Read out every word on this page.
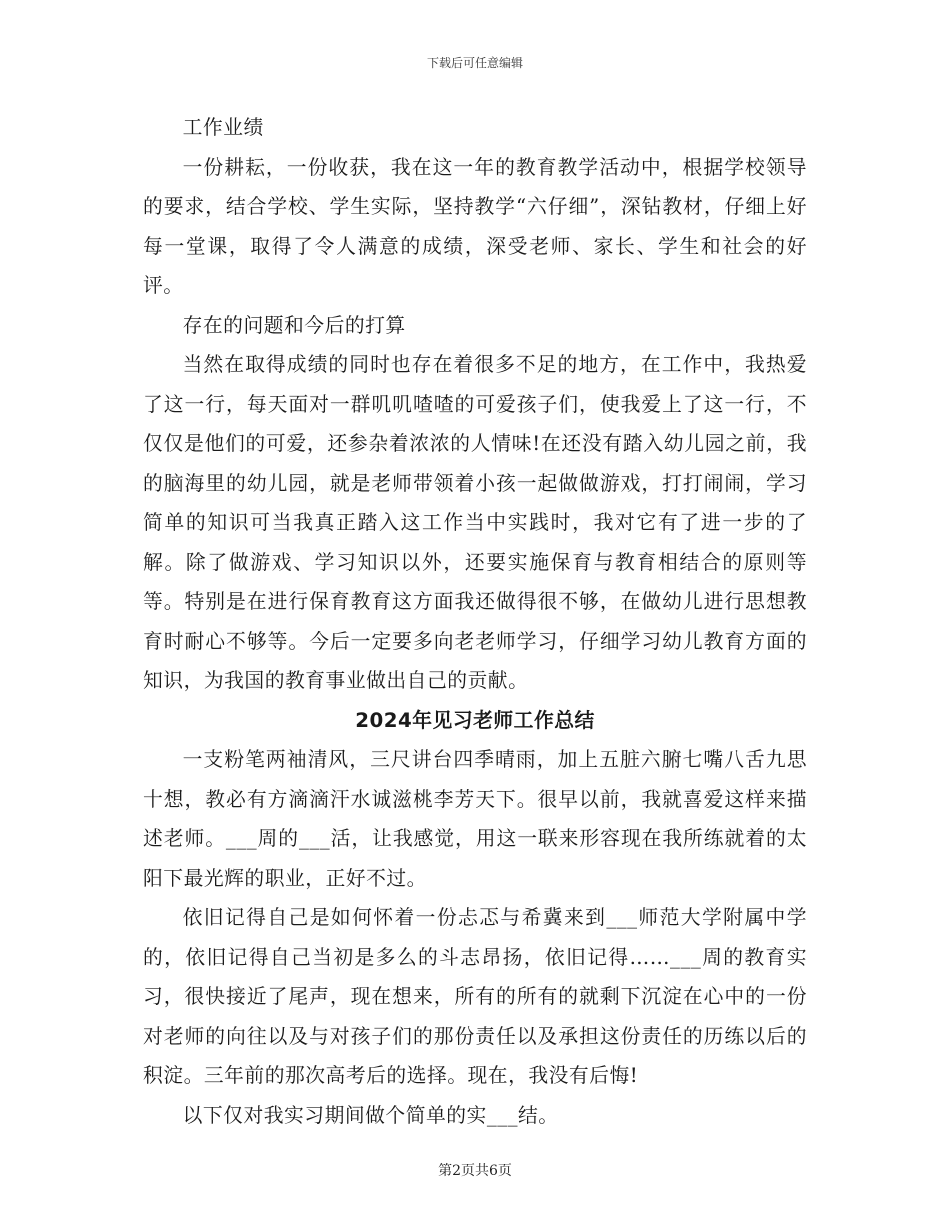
下载后可任意编辑

工作业绩

一份耕耘，一份收获，我在这一年的教育教学活动中，根据学校领导的要求，结合学校、学生实际，坚持教学“六仔细”，深钻教材，仔细上好每一堂课，取得了令人满意的成绩，深受老师、家长、学生和社会的好评。

存在的问题和今后的打算

当然在取得成绩的同时也存在着很多不足的地方，在工作中，我热爱了这一行，每天面对一群叽叽喳喳的可爱孩子们，使我爱上了这一行，不仅仅是他们的可爱，还参杂着浓浓的人情味!在还没有踏入幼儿园之前，我的脑海里的幼儿园，就是老师带领着小孩一起做做游戏，打打闹闹，学习简单的知识可当我真正踏入这工作当中实践时，我对它有了进一步的了解。除了做游戏、学习知识以外，还要实施保育与教育相结合的原则等等。特别是在进行保育教育这方面我还做得很不够，在做幼儿进行思想教育时耐心不够等。今后一定要多向老老师学习，仔细学习幼儿教育方面的知识，为我国的教育事业做出自己的贡献。

2024年见习老师工作总结

一支粉笔两袖清风，三尺讲台四季晴雨，加上五脏六腑七嘴八舌九思十想，教必有方滴滴汗水诚滋桃李芳天下。很早以前，我就喜爱这样来描述老师。___周的___活，让我感觉，用这一联来形容现在我所练就着的太阳下最光辉的职业，正好不过。

依旧记得自己是如何怀着一份忐忑与希冀来到___师范大学附属中学的，依旧记得自己当初是多么的斗志昂扬，依旧记得……___周的教育实习，很快接近了尾声，现在想来，所有的所有的就剩下沉淀在心中的一份对老师的向往以及与对孩子们的那份责任以及承担这份责任的历练以后的积淀。三年前的那次高考后的选择。现在，我没有后悔!

以下仅对我实习期间做个简单的实___结。

第2页共6页
